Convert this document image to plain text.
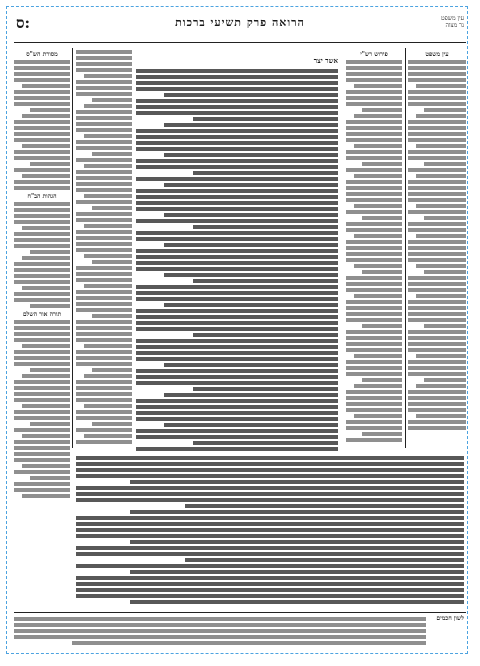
ס:	הרואה פרק תשיעי ברכות	עין משפט
נר מצוה
עין משפט
פירוש רש"י
אשר יצר
מסורת הש"ס
הגהות הב"ח
תורה אור השלם
לשון חכמים
